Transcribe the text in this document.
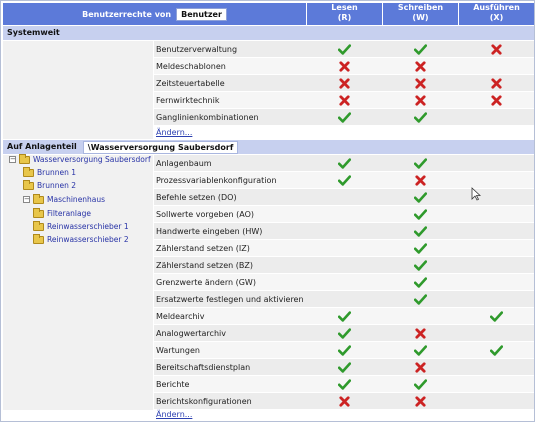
Benutzerrechte von	Benutzer
Lesen
(R)
Schreiben
(W)
Ausführen
(X)
Systemweit
Benutzerverwaltung
Meldeschablonen
Zeitsteuertabelle
Fernwirktechnik
Ganglinienkombinationen
Ändern...
Auf Anlagenteil	\Wasserversorgung Saubersdorf
− Wasserversorgung Saubersdorf
Brunnen 1
Brunnen 2
− Maschinenhaus
Filteranlage
Reinwasserschieber 1
Reinwasserschieber 2
Anlagenbaum
Prozessvariablenkonfiguration
Befehle setzen (DO)
Sollwerte vorgeben (AO)
Handwerte eingeben (HW)
Zählerstand setzen (IZ)
Zählerstand setzen (BZ)
Grenzwerte ändern (GW)
Ersatzwerte festlegen und aktivieren
Meldearchiv
Analogwertarchiv
Wartungen
Bereitschaftsdienstplan
Berichte
Berichtskonfigurationen
Ändern...
